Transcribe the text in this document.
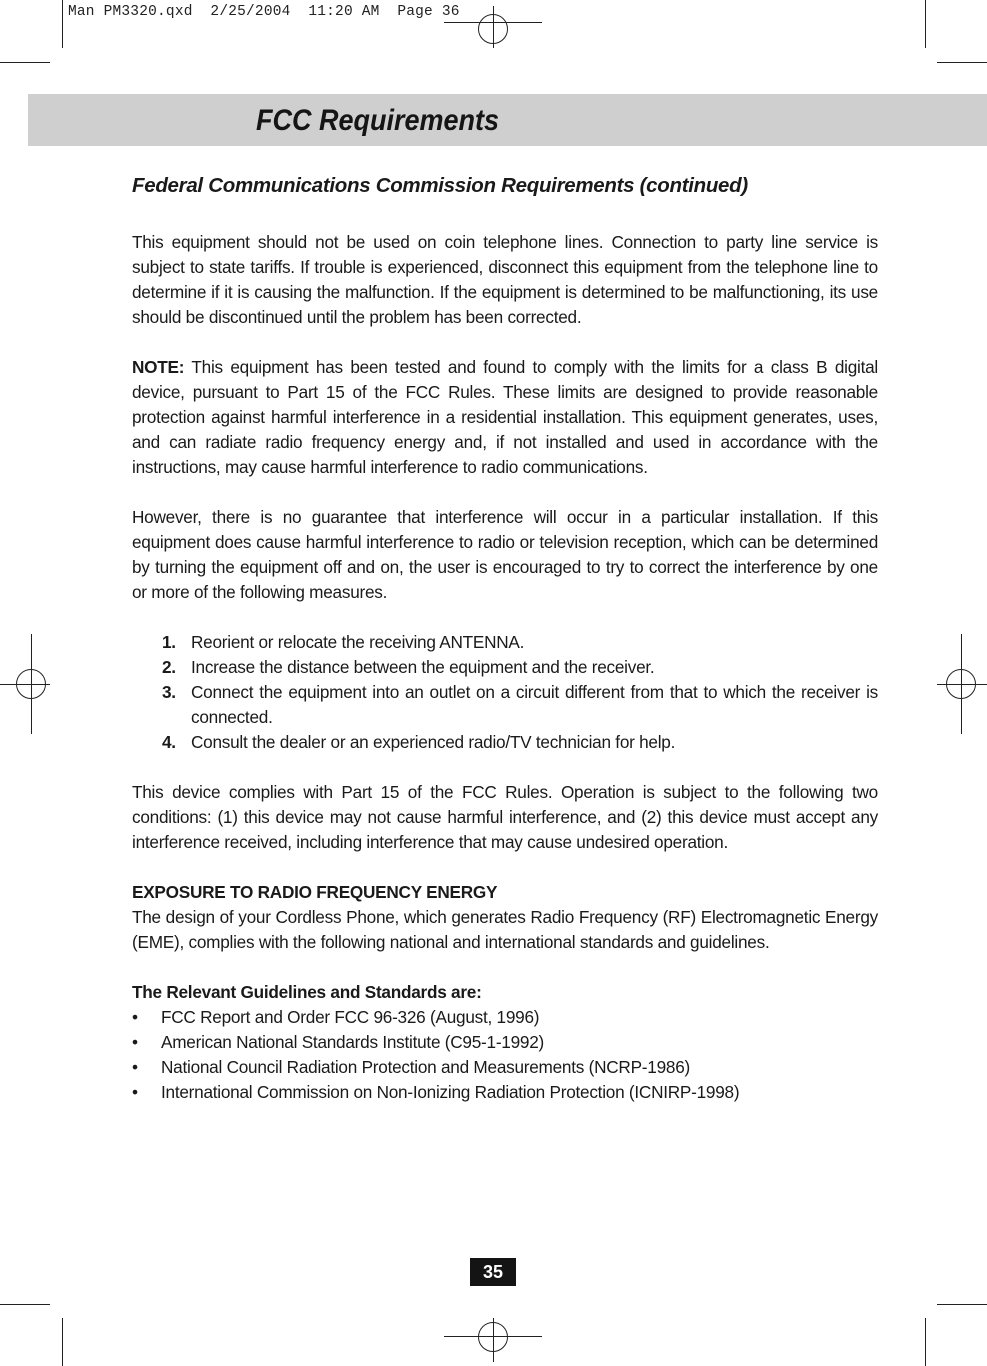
Man PM3320.qxd  2/25/2004  11:20 AM  Page 36
FCC Requirements
Federal Communications Commission Requirements (continued)

This equipment should not be used on coin telephone lines. Connection to party line service is subject to state tariffs. If trouble is experienced, disconnect this equipment from the telephone line to determine if it is causing the malfunction. If the equipment is determined to be malfunctioning, its use should be discontinued until the problem has been corrected.

NOTE: This equipment has been tested and found to comply with the limits for a class B digital device, pursuant to Part 15 of the FCC Rules. These limits are designed to provide reasonable protection against harmful interference in a residential installation. This equipment generates, uses, and can radiate radio frequency energy and, if not installed and used in accordance with the instructions, may cause harmful interference to radio communications.

However, there is no guarantee that interference will occur in a particular installation. If this equipment does cause harmful interference to radio or television reception, which can be determined by turning the equipment off and on, the user is encouraged to try to correct the interference by one or more of the following measures.

1. Reorient or relocate the receiving ANTENNA.
2. Increase the distance between the equipment and the receiver.
3. Connect the equipment into an outlet on a circuit different from that to which the receiver is connected.
4. Consult the dealer or an experienced radio/TV technician for help.

This device complies with Part 15 of the FCC Rules. Operation is subject to the following two conditions: (1) this device may not cause harmful interference, and (2) this device must accept any interference received, including interference that may cause undesired operation.

EXPOSURE TO RADIO FREQUENCY ENERGY

The design of your Cordless Phone, which generates Radio Frequency (RF) Electromagnetic Energy (EME), complies with the following national and international standards and guidelines.

The Relevant Guidelines and Standards are:

• FCC Report and Order FCC 96-326 (August, 1996)
• American National Standards Institute (C95-1-1992)
• National Council Radiation Protection and Measurements (NCRP-1986)
• International Commission on Non-Ionizing Radiation Protection (ICNIRP-1998)
35
